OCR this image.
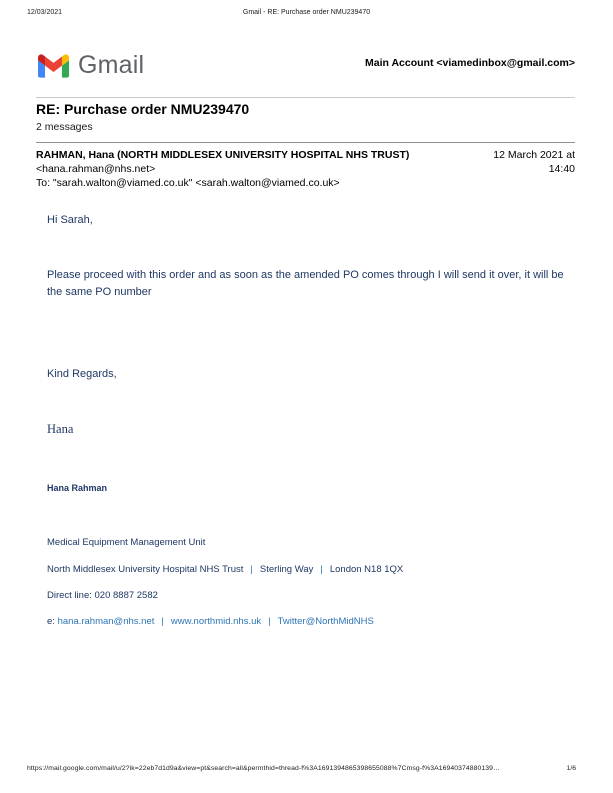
12/03/2021	Gmail - RE: Purchase order NMU239470
Gmail	Main Account <viamedinbox@gmail.com>
RE: Purchase order NMU239470
2 messages
RAHMAN, Hana (NORTH MIDDLESEX UNIVERSITY HOSPITAL NHS TRUST)
<hana.rahman@nhs.net>
To: "sarah.walton@viamed.co.uk" <sarah.walton@viamed.co.uk>
12 March 2021 at
14:40
Hi Sarah,
Please proceed with this order and as soon as the amended PO comes through I will send it over, it will be the same PO number
Kind Regards,
Hana
Hana Rahman
Medical Equipment Management Unit
North Middlesex University Hospital NHS Trust | Sterling Way | London N18 1QX
Direct line: 020 8887 2582
e: hana.rahman@nhs.net | www.northmid.nhs.uk | Twitter@NorthMidNHS
https://mail.google.com/mail/u/2?ik=22eb7d1d9a&view=pt&search=all&permthid=thread-f%3A1691394865398655088%7Cmsg-f%3A16940374880139…	1/6
